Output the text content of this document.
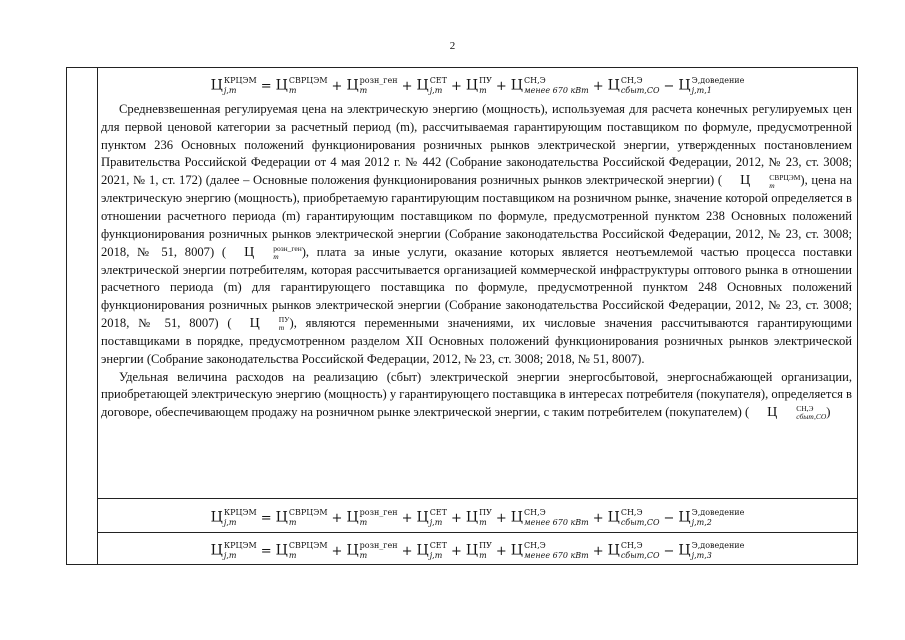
2
Ц КРЦЭМ
j,m	= Ц СВРЦЭМ
m	+ Ц розн_ген
m	+ Ц СЕТ
j,m + Ц ПУ
m + Ц СН,Э
менее 670 кВт + Ц СН,Э
сбыт,СО − Ц Э,доведение
j,m,1
Средневзвешенная регулируемая цена на электрическую энергию (мощность), используемая для расчета конечных регулируемых цен для первой ценовой категории за расчетный период (m), рассчитываемая гарантирующим поставщиком по формуле, предусмотренной пунктом 236 Основных положений функционирования розничных рынков электрической энергии, утвержденных постановлением Правительства Российской Федерации от 4 мая 2012 г. № 442 (Собрание законодательства Российской Федерации, 2012, № 23, ст. 3008; 2021, № 1, ст. 172) (далее – Основные положения функционирования розничных рынков электрической энергии) ( Ц	СВРЦЭМ
m	), цена на электрическую энергию (мощность), приобретаемую гарантирующим поставщиком на розничном рынке, значение которой определяется в отношении расчетного периода (m) гарантирующим поставщиком по формуле, предусмотренной пунктом 238 Основных положений функционирования розничных рынков электрической энергии (Собрание законодательства Российской Федерации, 2012, № 23, ст. 3008; 2018, № 51, 8007) ( Ц	розн_ген
m	), плата за иные услуги, оказание которых является неотъемлемой частью процесса поставки электрической энергии потребителям, которая рассчитывается организацией коммерческой инфраструктуры оптового рынка в отношении расчетного периода (m) для гарантирующего поставщика по формуле, предусмотренной пунктом 248 Основных положений функционирования розничных рынков электрической энергии (Собрание законодательства Российской Федерации, 2012, № 23, ст. 3008; 2018, № 51, 8007) ( Ц	ПУ
m ), являются переменными значениями, их числовые значения рассчитываются гарантирующими поставщиками в порядке, предусмотренном разделом XII Основных положений функционирования розничных рынков электрической энергии (Собрание законодательства Российской Федерации, 2012, № 23, ст. 3008; 2018, № 51, 8007).
Удельная величина расходов на реализацию (сбыт) электрической энергии энергосбытовой, энергоснабжающей организации, приобретающей электрическую энергию (мощность) у гарантирующего поставщика в интересах потребителя (покупателя), определяется в договоре, обеспечивающем продажу на розничном рынке электрической энергии, с таким потребителем (покупателем) ( Ц	СН,Э
сбыт,СО )
Ц КРЦЭМ
j,m	= Ц СВРЦЭМ
m	+ Ц розн_ген
m	+ Ц СЕТ
j,m + Ц ПУ
m + Ц СН,Э
менее 670 кВт + Ц СН,Э
сбыт,СО − Ц Э,доведение
j,m,2
Ц КРЦЭМ
j,m	= Ц СВРЦЭМ
m	+ Ц розн_ген
m	+ Ц СЕТ
j,m + Ц ПУ
m + Ц СН,Э
менее 670 кВт + Ц СН,Э
сбыт,СО − Ц Э,доведение
j,m,3
